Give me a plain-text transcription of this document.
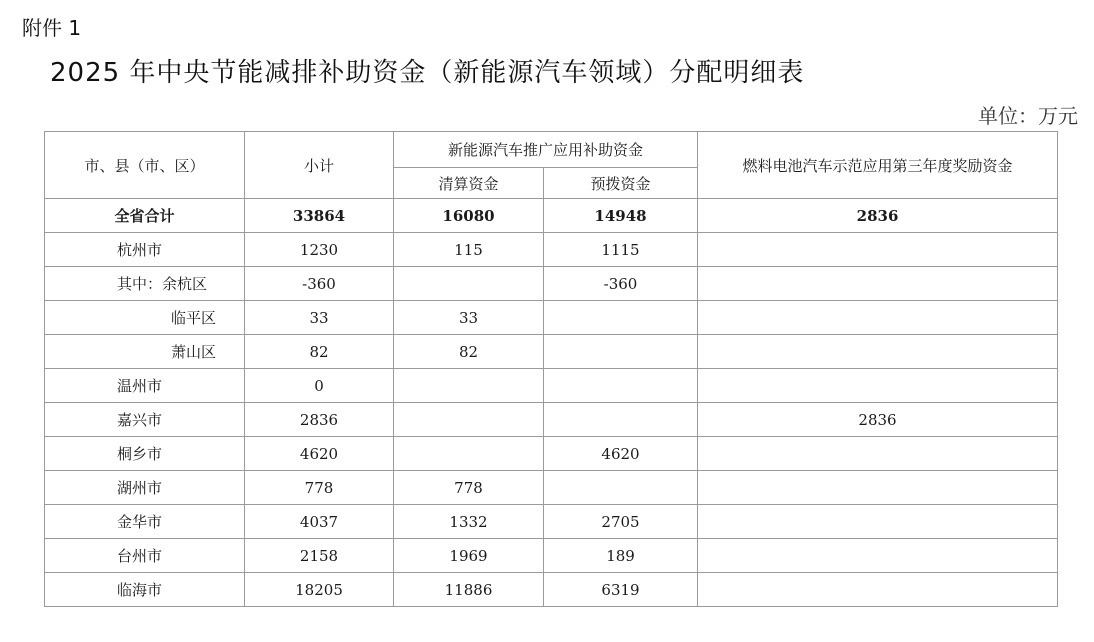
附件 1
2025 年中央节能减排补助资金（新能源汽车领域）分配明细表
单位：万元
市、县（市、区）	小计	新能源汽车推广应用补助资金		燃料电池汽车示范应用第三年度奖励资金
		清算资金	预拨资金	
全省合计	33864	16080	14948	2836
杭州市	1230	115	1115	
其中：余杭区	-360		-360	
临平区	33	33		
萧山区	82	82		
温州市	0			
嘉兴市	2836			2836
桐乡市	4620		4620	
湖州市	778	778		
金华市	4037	1332	2705	
台州市	2158	1969	189	
临海市	18205	11886	6319	
